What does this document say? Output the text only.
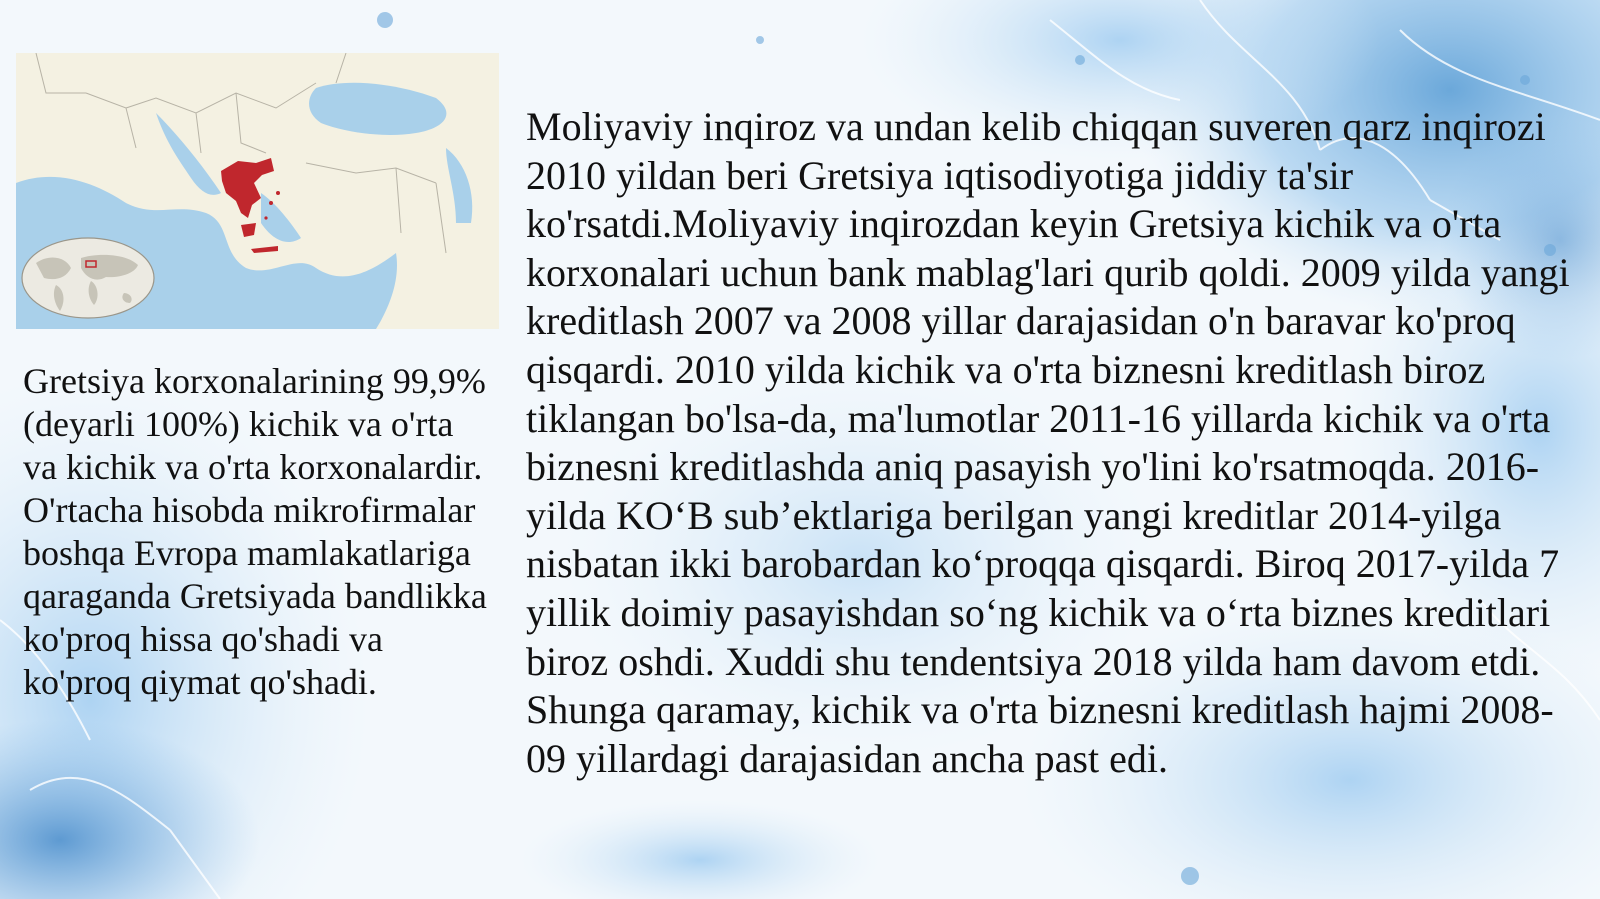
Gretsiya korxonalarining 99,9% (deyarli 100%) kichik va o'rta va kichik va o'rta korxonalardir. O'rtacha hisobda mikrofirmalar boshqa Evropa mamlakatlariga qaraganda Gretsiyada bandlikka ko'proq hissa qo'shadi va ko'proq qiymat qo'shadi.

Moliyaviy inqiroz va undan kelib chiqqan suveren qarz inqirozi 2010 yildan beri Gretsiya iqtisodiyotiga jiddiy ta'sir ko'rsatdi.Moliyaviy inqirozdan keyin Gretsiya kichik va o'rta korxonalari uchun bank mablag'lari qurib qoldi. 2009 yilda yangi kreditlash 2007 va 2008 yillar darajasidan o'n baravar ko'proq qisqardi. 2010 yilda kichik va o'rta biznesni kreditlash biroz tiklangan bo'lsa-da, ma'lumotlar 2011-16 yillarda kichik va o'rta biznesni kreditlashda aniq pasayish yo'lini ko'rsatmoqda. 2016-yilda KO‘B sub’ektlariga berilgan yangi kreditlar 2014-yilga nisbatan ikki barobardan ko‘proqqa qisqardi. Biroq 2017-yilda 7 yillik doimiy pasayishdan so‘ng kichik va o‘rta biznes kreditlari biroz oshdi. Xuddi shu tendentsiya 2018 yilda ham davom etdi. Shunga qaramay, kichik va o'rta biznesni kreditlash hajmi 2008-09 yillardagi darajasidan ancha past edi.
